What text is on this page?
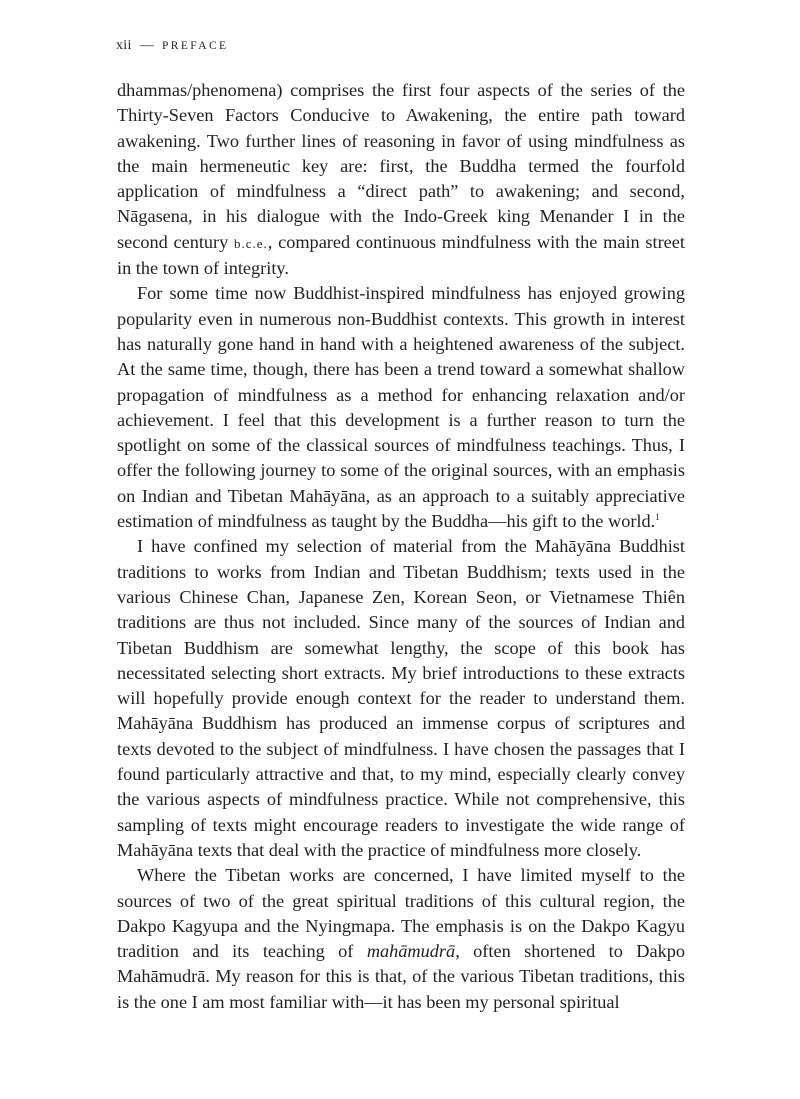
xii — PREFACE

dhammas/phenomena) comprises the first four aspects of the series of the Thirty-Seven Factors Conducive to Awakening, the entire path toward awakening. Two further lines of reasoning in favor of using mindfulness as the main hermeneutic key are: first, the Buddha termed the fourfold application of mindfulness a “direct path” to awakening; and second, Nāgasena, in his dialogue with the Indo-Greek king Menander I in the second century b.c.e., compared continuous mindfulness with the main street in the town of integrity.

For some time now Buddhist-inspired mindfulness has enjoyed growing popularity even in numerous non-Buddhist contexts. This growth in interest has naturally gone hand in hand with a heightened awareness of the subject. At the same time, though, there has been a trend toward a somewhat shallow propagation of mindfulness as a method for enhancing relaxation and/or achievement. I feel that this development is a further reason to turn the spotlight on some of the classical sources of mindfulness teachings. Thus, I offer the following journey to some of the original sources, with an emphasis on Indian and Tibetan Mahāyāna, as an approach to a suitably appreciative estimation of mindfulness as taught by the Buddha—his gift to the world.$^1$

I have confined my selection of material from the Mahāyāna Buddhist traditions to works from Indian and Tibetan Buddhism; texts used in the various Chinese Chan, Japanese Zen, Korean Seon, or Vietnamese Thiên traditions are thus not included. Since many of the sources of Indian and Tibetan Buddhism are somewhat lengthy, the scope of this book has necessitated selecting short extracts. My brief introductions to these extracts will hopefully provide enough context for the reader to understand them. Mahāyāna Buddhism has produced an immense corpus of scriptures and texts devoted to the subject of mindfulness. I have chosen the passages that I found particularly attractive and that, to my mind, especially clearly convey the various aspects of mindfulness practice. While not comprehensive, this sampling of texts might encourage readers to investigate the wide range of Mahāyāna texts that deal with the practice of mindfulness more closely.

Where the Tibetan works are concerned, I have limited myself to the sources of two of the great spiritual traditions of this cultural region, the Dakpo Kagyupa and the Nyingmapa. The emphasis is on the Dakpo Kagyu tradition and its teaching of mahāmudrā, often shortened to Dakpo Mahāmudrā. My reason for this is that, of the various Tibetan traditions, this is the one I am most familiar with—it has been my personal spiritual
